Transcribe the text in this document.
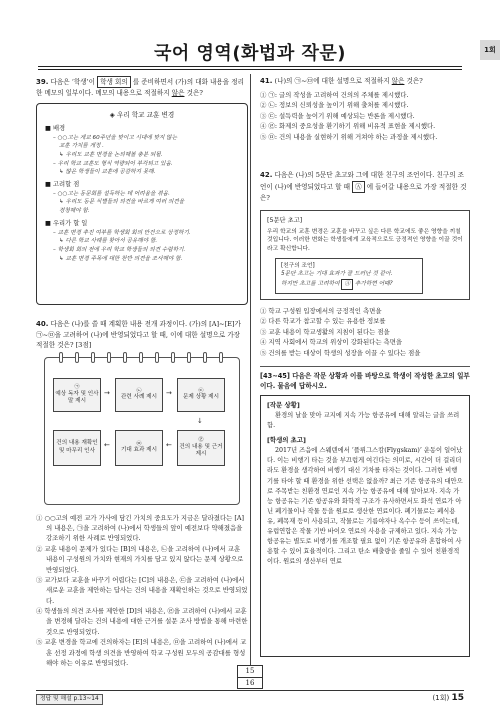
국어 영역(화법과 작문)	1회
39. 다음은 ‘학생’이 학생 회의 를 준비하면서 (가)의 대화 내용을 정리한 메모의 일부이다. 메모의 내용으로 적절하지 않은 것은?
◈ 우리 학교 교훈 변경
■ 배경
– ○○고는 개교 60주년을 맞이고 시대에 맞지 않는
교훈 가치를 개정 .
↳ 우리도 교훈 변경을 논의해볼 충분 되될.
– 우리 학교 교훈도 형식 역량되어 부각되고 있음.
↳ 많은 학생들이 교훈에 공감하지 못해.
■ 고려할 점
– ○○고는 동문회를 설득하는 데 어려움을 겪음.
↳ 우리도 동문 식별들의 의견을 바르게 여러 의견을
경청해야 함.
■ 우리가 할 일
– 교훈 변경 추진 여부를 학생회 회의 안건으로 상정하기.
↳ 다른 학교 사례를 찾아서 공유해야 함.
– 학생회 회의 전에 우리 학교 학생들의 의견 수렴하기.
↳ 교훈 변경 주목에 대한 찬반 의견을 조사해야 함.
40. 다음은 (나)를 쓸 때 계획한 내용 전개 과정이다. (가)의 [A]~[E]가 ㉠~㉤을 고려하여 (나)에 반영되었다고 할 때, 이에 대한 설명으로 가장 적절한 것은? [3점]
㉠
예상 독자 및 인사말 제시
→	㉡
관련 사례 제시
→	㉢
문제 상황 제시
↓
㉣
건의 내용 및 근거 제시
←
㉤
기대 효과 제시
←
건의 내용 재확인 및 마무리 인사
① ○○고의 예전 교가 가사에 담긴 가치의 중요도가 지금은 달라졌다는 [A]의 내용은, ㉠을 고려하여 (나)에서 학생들의 앞이 예전보다 약해졌음을 강조하기 위한 사례로 반영되었다.
② 교훈 내용이 문제가 있다는 [B]의 내용은, ㉡을 고려하여 (나)에서 교훈 내용이 구성원의 가치와 현재의 가치를 담고 있지 않다는 문제 상황으로 반영되었다.
③ 교가보다 교훈을 바꾸기 어렵다는 [C]의 내용은, ㉢을 고려하여 (나)에서 새로운 교훈을 제안하는 답사는 건의 내용을 재확인하는 것으로 반영되었다.
④ 학생들의 의견 조사를 제안한 [D]의 내용은, ㉣을 고려하여 (나)에서 교훈을 변경해 달라는 건의 내용에 대한 근거를 설문 조사 방법을 통해 마련한 것으로 반영되었다.
⑤ 교훈 변경을 학교에 건의하자는 [E]의 내용은, ㉤을 고려하여 (나)에서 교훈 선정 과정에 학생 의견을 반영하여 학교 구성원 모두의 공감대를 형성해야 하는 이유로 반영되었다.
41. (나)의 ㉠~㉤에 대한 설명으로 적절하지 않은 것은?
① ㉠: 글의 작성을 고려하여 건의의 주체를 제시했다.
② ㉡: 정보의 신뢰성을 높이기 위해 출처를 제시했다.
③ ㉢: 설득력을 높이기 위해 예상되는 반론을 제시했다.
④ ㉣: 화제의 중요성을 환기하기 위해 비유적 표현을 제시했다.
⑤ ㉤: 건의 내용을 실현하기 위해 거쳐야 하는 과정을 제시했다.
42. 다음은 (나)의 5문단 초고와 그에 대한 친구의 조언이다. 친구의 조언이 (나)에 반영되었다고 할 때 Ⓐ 에 들어갈 내용으로 가장 적절한 것은?
[5문단 초고]
우리 학교의 교훈 변경은 교훈을 바꾸고 싶은 다른 학교에도 좋은 영향을 끼칠 것입니다. 이러한 변화는 학생들에게 교육적으로도 긍정적인 영향을 이끌 것이라고 확신합니다.
[친구의 조언]
5문단 초고는 기대 효과가 잘 드러난 것 같아.
하지만 초고를 고려하여 Ⓐ 추가하면 어때?
① 학교 구성원 입장에서의 긍정적인 측면을
② 다른 학교가 참고할 수 있는 유용한 정보를
③ 교훈 내용이 학교생활의 지침이 된다는 점을
④ 지역 사회에서 학교의 위상이 강화된다는 측면을
⑤ 건의를 받는 대상이 학생의 성장을 이끌 수 있다는 점을
[43~45] 다음은 작문 상황과 이를 바탕으로 학생이 작성한 초고의 일부이다. 물음에 답하시오.
[작문 상황]
환경의 날을 맞아 교지에 지속 가능 항공유에 대해 알리는 글을 쓰려 함.
[학생의 초고]
2017년 즈음에 스웨덴에서 ‘플뤼그스캄(Flygskam)’ 운동이 일어났다. 이는 비행기 타는 것을 부끄럽게 여긴다는 의미로, 시간이 더 걸리더라도 환경을 생각하여 비행기 대신 기차를 타자는 것이다. 그러한 비행기를 타야 할 때 환경을 위한 선택은 없을까? 최근 기존 항공유의 대안으로 주목받는 친환경 연료인 지속 가능 항공유에 대해 알아보자. 지속 가능 항공유는 기존 항공유와 화학적 구조가 유사하면서도 화석 연료가 아닌 폐기물이나 작물 등을 원료로 생산한 연료이다. 폐기물로는 폐식용유, 폐목재 등이 사용되고, 작물로는 기름야자나 옥수수 등이 쓰이는데, 유럽연합은 작물 기반 바이오 연료의 사용을 규제하고 있다. 지속 가능 항공유는 별도로 비행기를 개조할 필요 없이 기존 항공유와 혼합하여 사용할 수 있어 효율적이다. 그리고 탄소 배출량을 줄일 수 있어 친환경적이다. 원료의 생산부터 연료
15
16
정답 및 해설 p.13~14	(1회) 15
